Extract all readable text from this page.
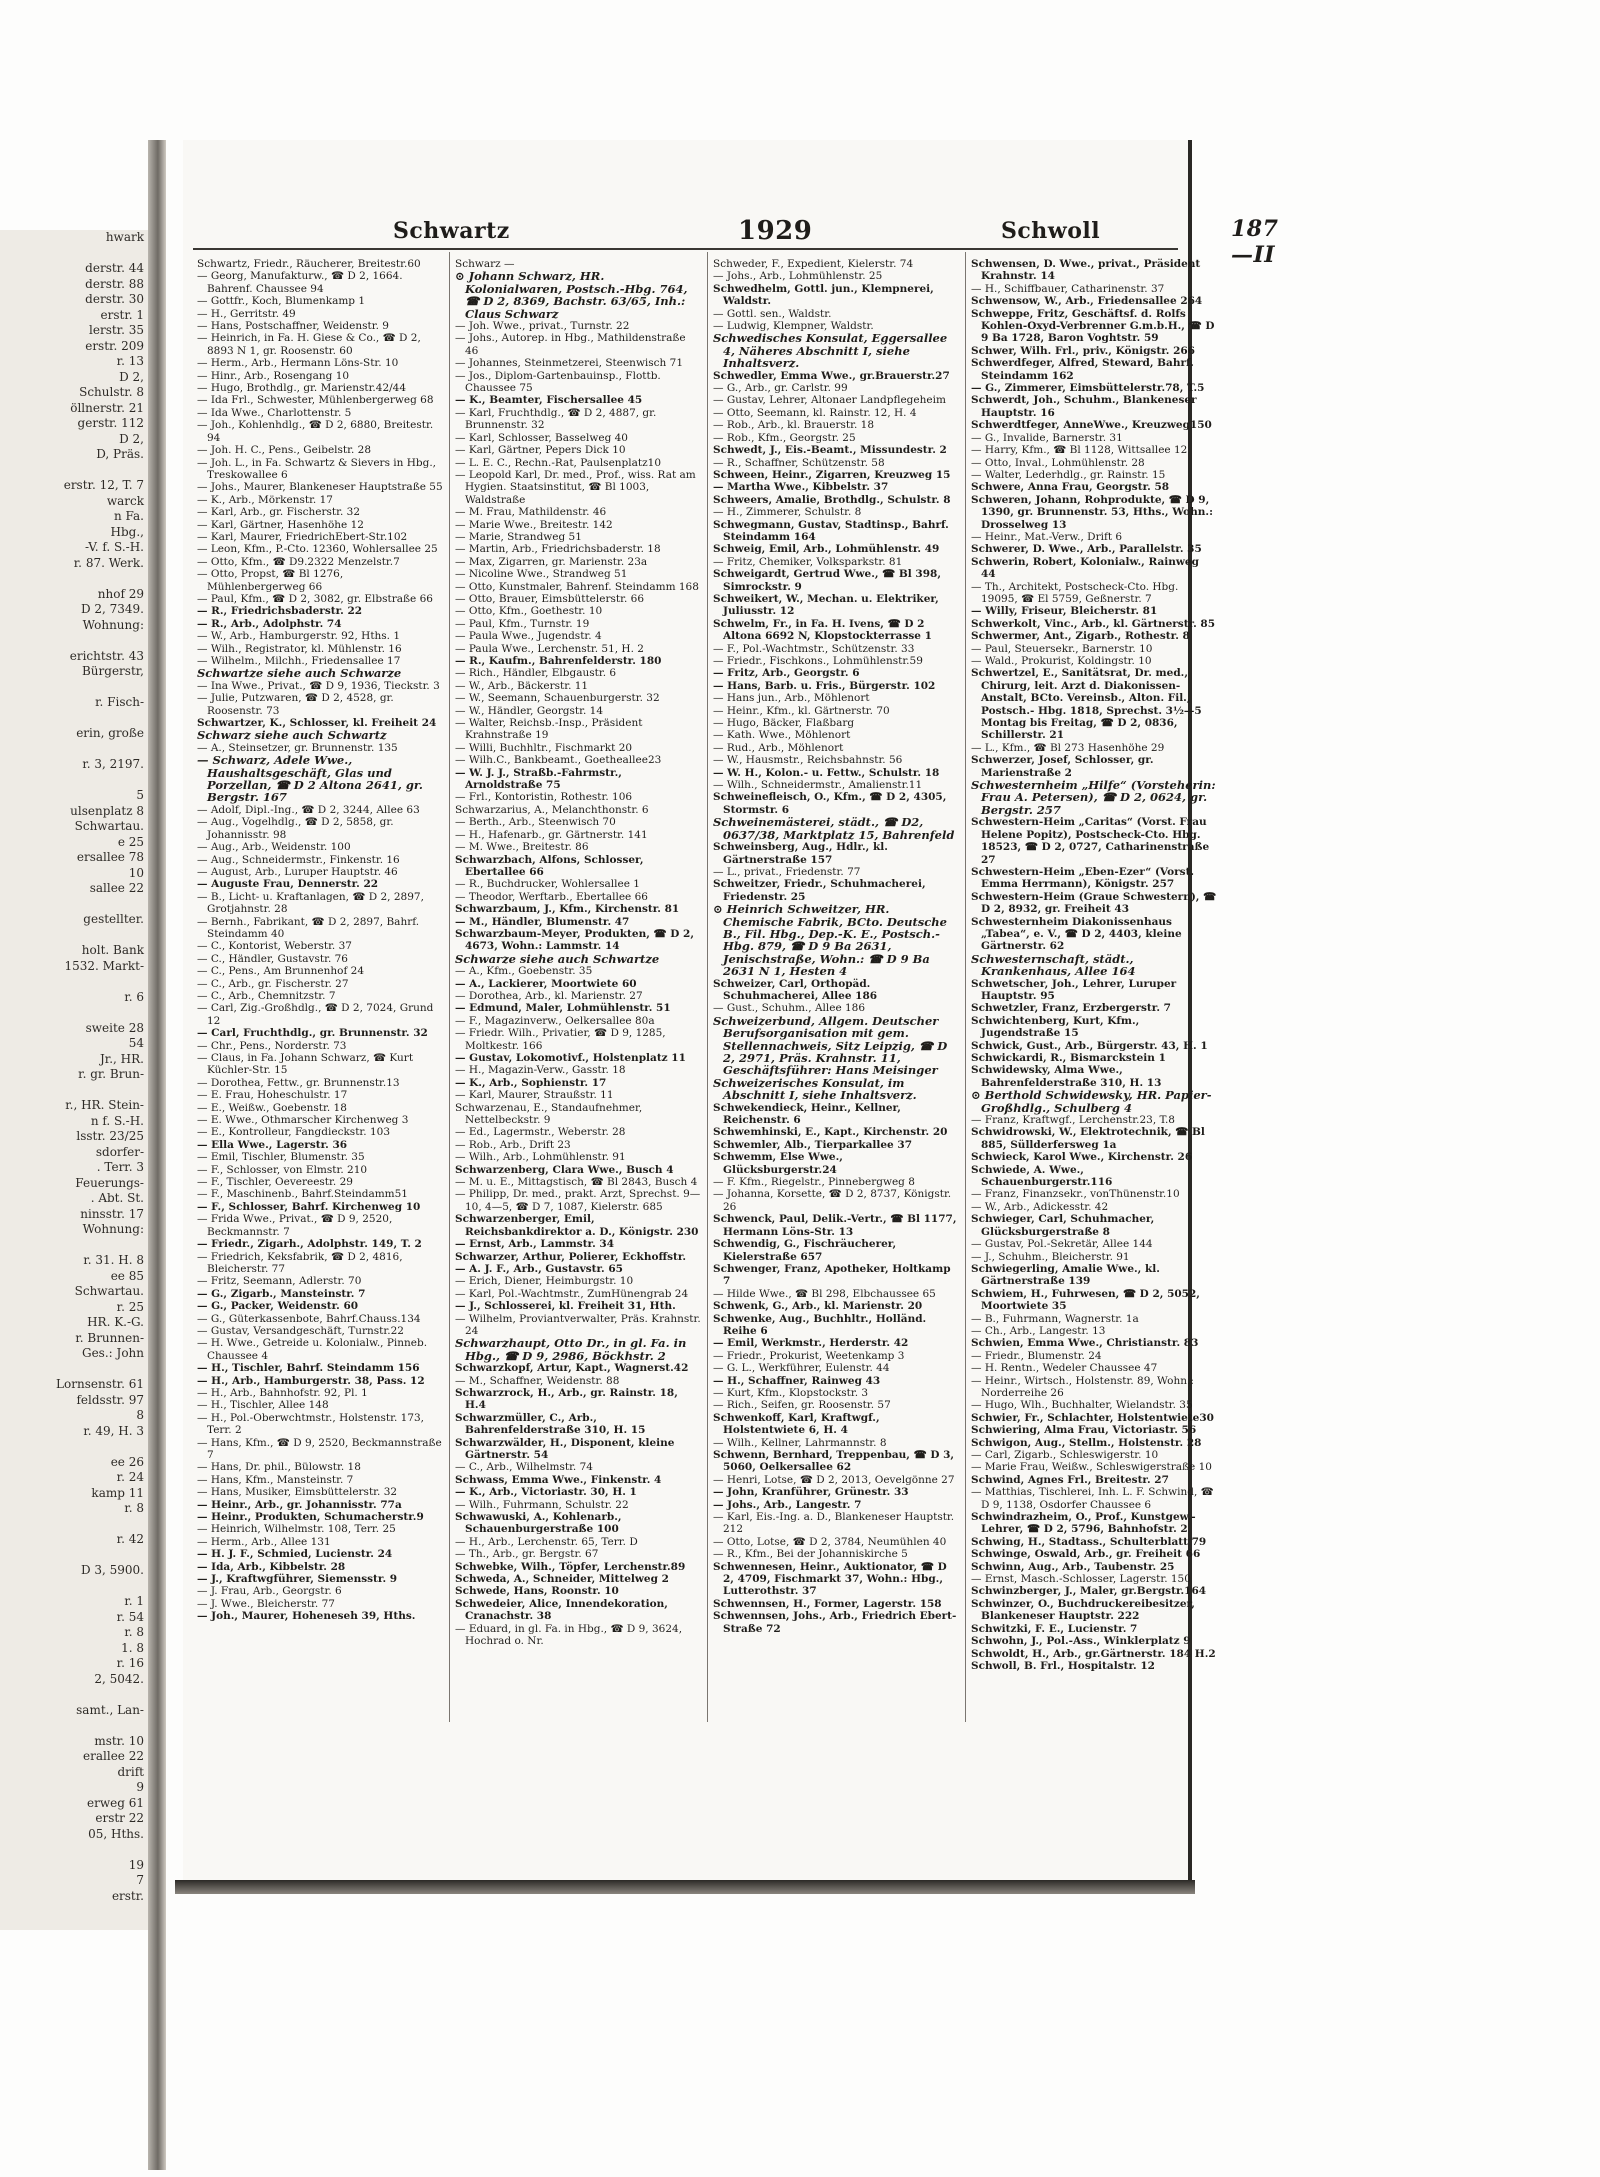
hwark

derstr. 44
derstr. 88
derstr. 30
erstr. 1
lerstr. 35
erstr. 209
r. 13
D 2,
Schulstr. 8
öllnerstr. 21
gerstr. 112
D 2,
D, Präs.

erstr. 12, T. 7
warck
n Fa.
Hbg.,
-V. f. S.-H.
r. 87. Werk.

nhof 29
D 2, 7349.
Wohnung:

erichtstr. 43
Bürgerstr,

r. Fisch-

erin, große

r. 3, 2197.

5
ulsenplatz 8
Schwartau.
e 25
ersallee 78
10
sallee 22

gestellter.

holt. Bank
1532. Markt-

r. 6

sweite 28
54
Jr., HR.
r. gr. Brun-

r., HR. Stein-
n f. S.-H.
lsstr. 23/25
sdorfer-
. Terr. 3
Feuerungs-
. Abt. St.
ninsstr. 17
Wohnung:

r. 31. H. 8
ee 85
Schwartau.
r. 25
HR. K.-G.
r. Brunnen-
Ges.: John

Lornsenstr. 61
feldsstr. 97
8
r. 49, H. 3

ee 26
r. 24
kamp 11
r. 8

r. 42

D 3, 5900.

r. 1
r. 54
r. 8
1. 8
r. 16
2, 5042.

samt., Lan-

mstr. 10
erallee 22
drift
9
erweg 61
erstr 22
05, Hths.

19
7
erstr.
Schwartz	1929	Schwoll	187—II
Schwartz, Friedr., Räucherer, Breitestr.60
— Georg, Manufakturw., ☎ D 2, 1664. Bahrenf. Chaussee 94
— Gottfr., Koch, Blumenkamp 1
— H., Gerritstr. 49
— Hans, Postschaffner, Weidenstr. 9
— Heinrich, in Fa. H. Giese & Co., ☎ D 2, 8893 N 1, gr. Roosenstr. 60
— Herm., Arb., Hermann Löns-Str. 10
— Hinr., Arb., Rosengang 10
— Hugo, Brothdlg., gr. Marienstr.42/44
— Ida Frl., Schwester, Mühlenbergerweg 68
— Ida Wwe., Charlottenstr. 5
— Joh., Kohlenhdlg., ☎ D 2, 6880, Breitestr. 94
— Joh. H. C., Pens., Geibelstr. 28
— Joh. L., in Fa. Schwartz & Sievers in Hbg., Treskowallee 6
— Johs., Maurer, Blankeneser Hauptstraße 55
— K., Arb., Mörkenstr. 17
— Karl, Arb., gr. Fischerstr. 32
— Karl, Gärtner, Hasenhöhe 12
— Karl, Maurer, FriedrichEbert-Str.102
— Leon, Kfm., P.-Cto. 12360, Wohlersallee 25
— Otto, Kfm., ☎ D9.2322 Menzelstr.7
— Otto, Propst, ☎ Bl 1276, Mühlenbergerweg 66
— Paul, Kfm., ☎ D 2, 3082, gr. Elbstraße 66
— R., Friedrichsbaderstr. 22
— R., Arb., Adolphstr. 74
— W., Arb., Hamburgerstr. 92, Hths. 1
— Wilh., Registrator, kl. Mühlenstr. 16
— Wilhelm., Milchh., Friedensallee 17
Schwartze siehe auch Schwarze
— Ina Wwe., Privat., ☎ D 9, 1936, Tieckstr. 3
— Julie, Putzwaren, ☎ D 2, 4528, gr. Roosenstr. 73
Schwartzer, K., Schlosser, kl. Freiheit 24
Schwarz siehe auch Schwartz
— A., Steinsetzer, gr. Brunnenstr. 135
— Schwarz, Adele Wwe., Haushaltsgeschäft, Glas und Porzellan, ☎ D 2 Altona 2641, gr. Bergstr. 167
— Adolf, Dipl.-Ing., ☎ D 2, 3244, Allee 63
— Aug., Vogelhdlg., ☎ D 2, 5858, gr. Johannisstr. 98
— Aug., Arb., Weidenstr. 100
— Aug., Schneidermstr., Finkenstr. 16
— August, Arb., Luruper Hauptstr. 46
— Auguste Frau, Dennerstr. 22
— B., Licht- u. Kraftanlagen, ☎ D 2, 2897, Grotjahnstr. 28
— Bernh., Fabrikant, ☎ D 2, 2897, Bahrf. Steindamm 40
— C., Kontorist, Weberstr. 37
— C., Händler, Gustavstr. 76
— C., Pens., Am Brunnenhof 24
— C., Arb., gr. Fischerstr. 27
— C., Arb., Chemnitzstr. 7
— Carl, Zig.-Großhdlg., ☎ D 2, 7024, Grund 12
— Carl, Fruchthdlg., gr. Brunnenstr. 32
— Chr., Pens., Norderstr. 73
— Claus, in Fa. Johann Schwarz, ☎ Kurt Küchler-Str. 15
— Dorothea, Fettw., gr. Brunnenstr.13
— E. Frau, Hoheschulstr. 17
— E., Weißw., Goebenstr. 18
— E. Wwe., Othmarscher Kirchenweg 3
— E., Kontrolleur, Fangdieckstr. 103
— Ella Wwe., Lagerstr. 36
— Emil, Tischler, Blumenstr. 35
— F., Schlosser, von Elmstr. 210
— F., Tischler, Oevereestr. 29
— F., Maschinenb., Bahrf.Steindamm51
— F., Schlosser, Bahrf. Kirchenweg 10
— Frida Wwe., Privat., ☎ D 9, 2520, Beckmannstr. 7
— Friedr., Zigarh., Adolphstr. 149, T. 2
— Friedrich, Keksfabrik, ☎ D 2, 4816, Bleicherstr. 77
— Fritz, Seemann, Adlerstr. 70
— G., Zigarb., Mansteinstr. 7
— G., Packer, Weidenstr. 60
— G., Güterkassenbote, Bahrf.Chauss.134
— Gustav, Versandgeschäft, Turnstr.22
— H. Wwe., Getreide u. Kolonialw., Pinneb. Chaussee 4
— H., Tischler, Bahrf. Steindamm 156
— H., Arb., Hamburgerstr. 38, Pass. 12
— H., Arb., Bahnhofstr. 92, Pl. 1
— H., Tischler, Allee 148
— H., Pol.-Oberwchtmstr., Holstenstr. 173, Terr. 2
— Hans, Kfm., ☎ D 9, 2520, Beckmannstraße 7
— Hans, Dr. phil., Bülowstr. 18
— Hans, Kfm., Mansteinstr. 7
— Hans, Musiker, Eimsbüttelerstr. 32
— Heinr., Arb., gr. Johannisstr. 77a
— Heinr., Produkten, Schumacherstr.9
— Heinrich, Wilhelmstr. 108, Terr. 25
— Herm., Arb., Allee 131
— H. J. F., Schmied, Lucienstr. 24
— Ida, Arb., Kibbelstr. 28
— J., Kraftwgführer, Siemensstr. 9
— J. Frau, Arb., Georgstr. 6
— J. Wwe., Bleicherstr. 77
— Joh., Maurer, Hoheneseh 39, Hths.
Schwarz —
⊙ Johann Schwarz, HR. Kolonialwaren, Postsch.-Hbg. 764, ☎ D 2, 8369, Bachstr. 63/65, Inh.: Claus Schwarz
— Joh. Wwe., privat., Turnstr. 22
— Johs., Autorep. in Hbg., Mathildenstraße 46
— Johannes, Steinmetzerei, Steenwisch 71
— Jos., Diplom-Gartenbauinsp., Flottb. Chaussee 75
— K., Beamter, Fischersallee 45
— Karl, Fruchthdlg., ☎ D 2, 4887, gr. Brunnenstr. 32
— Karl, Schlosser, Basselweg 40
— Karl, Gärtner, Pepers Dick 10
— L. E. C., Rechn.-Rat, Paulsenplatz10
— Leopold Karl, Dr. med., Prof., wiss. Rat am Hygien. Staatsinstitut, ☎ Bl 1003, Waldstraße
— M. Frau, Mathildenstr. 46
— Marie Wwe., Breitestr. 142
— Marie, Strandweg 51
— Martin, Arb., Friedrichsbaderstr. 18
— Max, Zigarren, gr. Marienstr. 23a
— Nicoline Wwe., Strandweg 51
— Otto, Kunstmaler, Bahrenf. Steindamm 168
— Otto, Brauer, Eimsbüttelerstr. 66
— Otto, Kfm., Goethestr. 10
— Paul, Kfm., Turnstr. 19
— Paula Wwe., Jugendstr. 4
— Paula Wwe., Lerchenstr. 51, H. 2
— R., Kaufm., Bahrenfelderstr. 180
— Rich., Händler, Elbgaustr. 6
— W., Arb., Bäckerstr. 11
— W., Seemann, Schauenburgerstr. 32
— W., Händler, Georgstr. 14
— Walter, Reichsb.-Insp., Präsident Krahnstraße 19
— Willi, Buchhltr., Fischmarkt 20
— Wilh.C., Bankbeamt., Goetheallee23
— W. J. J., Straßb.-Fahrmstr., Arnoldstraße 75
— Frl., Kontoristin, Rothestr. 106
Schwarzarius, A., Melanchthonstr. 6
— Berth., Arb., Steenwisch 70
— H., Hafenarb., gr. Gärtnerstr. 141
— M. Wwe., Breitestr. 86
Schwarzbach, Alfons, Schlosser, Ebertallee 66
— R., Buchdrucker, Wohlersallee 1
— Theodor, Werftarb., Ebertallee 66
Schwarzbaum, J., Kfm., Kirchenstr. 81
— M., Händler, Blumenstr. 47
Schwarzbaum-Meyer, Produkten, ☎ D 2, 4673, Wohn.: Lammstr. 14
Schwarze siehe auch Schwartze
— A., Kfm., Goebenstr. 35
— A., Lackierer, Moortwiete 60
— Dorothea, Arb., kl. Marienstr. 27
— Edmund, Maler, Lohmühlenstr. 51
— F., Magazinverw., Oelkersallee 80a
— Friedr. Wilh., Privatier, ☎ D 9, 1285, Moltkestr. 166
— Gustav, Lokomotivf., Holstenplatz 11
— H., Magazin-Verw., Gasstr. 18
— K., Arb., Sophienstr. 17
— Karl, Maurer, Straußstr. 11
Schwarzenau, E., Standaufnehmer, Nettelbeckstr. 9
— Ed., Lagermstr., Weberstr. 28
— Rob., Arb., Drift 23
— Wilh., Arb., Lohmühlenstr. 91
Schwarzenberg, Clara Wwe., Busch 4
— M. u. E., Mittagstisch, ☎ Bl 2843, Busch 4
— Philipp, Dr. med., prakt. Arzt, Sprechst. 9—10, 4—5, ☎ D 7, 1087, Kielerstr. 685
Schwarzenberger, Emil, Reichsbankdirektor a. D., Königstr. 230
— Ernst, Arb., Lammstr. 34
Schwarzer, Arthur, Polierer, Eckhoffstr.
— A. J. F., Arb., Gustavstr. 65
— Erich, Diener, Heimburgstr. 10
— Karl, Pol.-Wachtmstr., ZumHünengrab 24
— J., Schlosserei, kl. Freiheit 31, Hth.
— Wilhelm, Proviantverwalter, Präs. Krahnstr. 24
Schwarzhaupt, Otto Dr., in gl. Fa. in Hbg., ☎ D 9, 2986, Böckhstr. 2
Schwarzkopf, Artur, Kapt., Wagnerst.42
— M., Schaffner, Weidenstr. 88
Schwarzrock, H., Arb., gr. Rainstr. 18, H.4
Schwarzmüller, C., Arb., Bahrenfelderstraße 310, H. 15
Schwarzwälder, H., Disponent, kleine Gärtnerstr. 54
— C., Arb., Wilhelmstr. 74
Schwass, Emma Wwe., Finkenstr. 4
— K., Arb., Victoriastr. 30, H. 1
— Wilh., Fuhrmann, Schulstr. 22
Schwawuski, A., Kohlenarb., Schauenburgerstraße 100
— H., Arb., Lerchenstr. 65, Terr. D
— Th., Arb., gr. Bergstr. 67
Schwebke, Wilh., Töpfer, Lerchenstr.89
Schweda, A., Schneider, Mittelweg 2
Schwede, Hans, Roonstr. 10
Schwedeier, Alice, Innendekoration, Cranachstr. 38
— Eduard, in gl. Fa. in Hbg., ☎ D 9, 3624, Hochrad o. Nr.
Schweder, F., Expedient, Kielerstr. 74
— Johs., Arb., Lohmühlenstr. 25
Schwedhelm, Gottl. jun., Klempnerei, Waldstr.
— Gottl. sen., Waldstr.
— Ludwig, Klempner, Waldstr.
Schwedisches Konsulat, Eggersallee 4, Näheres Abschnitt I, siehe Inhaltsverz.
Schwedler, Emma Wwe., gr.Brauerstr.27
— G., Arb., gr. Carlstr. 99
— Gustav, Lehrer, Altonaer Landpflegeheim
— Otto, Seemann, kl. Rainstr. 12, H. 4
— Rob., Arb., kl. Brauerstr. 18
— Rob., Kfm., Georgstr. 25
Schwedt, J., Eis.-Beamt., Missundestr. 2
— R., Schaffner, Schützenstr. 58
Schween, Heinr., Zigarren, Kreuzweg 15
— Martha Wwe., Kibbelstr. 37
Schweers, Amalie, Brothdlg., Schulstr. 8
— H., Zimmerer, Schulstr. 8
Schwegmann, Gustav, Stadtinsp., Bahrf. Steindamm 164
Schweig, Emil, Arb., Lohmühlenstr. 49
— Fritz, Chemiker, Volksparkstr. 81
Schweigardt, Gertrud Wwe., ☎ Bl 398, Simrockstr. 9
Schweikert, W., Mechan. u. Elektriker, Juliusstr. 12
Schwelm, Fr., in Fa. H. Ivens, ☎ D 2 Altona 6692 N, Klopstockterrasse 1
— F., Pol.-Wachtmstr., Schützenstr. 33
— Friedr., Fischkons., Lohmühlenstr.59
— Fritz, Arb., Georgstr. 6
— Hans, Barb. u. Fris., Bürgerstr. 102
— Hans jun., Arb., Möhlenort
— Heinr., Kfm., kl. Gärtnerstr. 70
— Hugo, Bäcker, Flaßbarg
— Kath. Wwe., Möhlenort
— Rud., Arb., Möhlenort
— W., Hausmstr., Reichsbahnstr. 56
— W. H., Kolon.- u. Fettw., Schulstr. 18
— Wilh., Schneidermstr., Amalienstr.11
Schweinefleisch, O., Kfm., ☎ D 2, 4305, Stormstr. 6
Schweinemästerei, städt., ☎ D2, 0637/38, Marktplatz 15, Bahrenfeld
Schweinsberg, Aug., Hdlr., kl. Gärtnerstraße 157
— L., privat., Friedenstr. 77
Schweitzer, Friedr., Schuhmacherei, Friedenstr. 25
⊙ Heinrich Schweitzer, HR. Chemische Fabrik, BCto. Deutsche B., Fil. Hbg., Dep.-K. E., Postsch.-Hbg. 879, ☎ D 9 Ba 2631, Jenischstraße, Wohn.: ☎ D 9 Ba 2631 N 1, Hesten 4
Schweizer, Carl, Orthopäd. Schuhmacherei, Allee 186
— Gust., Schuhm., Allee 186
Schweizerbund, Allgem. Deutscher Berufsorganisation mit gem. Stellennachweis, Sitz Leipzig, ☎ D 2, 2971, Präs. Krahnstr. 11, Geschäftsführer: Hans Meisinger
Schweizerisches Konsulat, im Abschnitt I, siehe Inhaltsverz.
Schwekendieck, Heinr., Kellner, Reichenstr. 6
Schwemhinski, E., Kapt., Kirchenstr. 20
Schwemler, Alb., Tierparkallee 37
Schwemm, Else Wwe., Glücksburgerstr.24
— F. Kfm., Riegelstr., Pinnebergweg 8
— Johanna, Korsette, ☎ D 2, 8737, Königstr. 26
Schwenck, Paul, Delik.-Vertr., ☎ Bl 1177, Hermann Löns-Str. 13
Schwendig, G., Fischräucherer, Kielerstraße 657
Schwenger, Franz, Apotheker, Holtkamp 7
— Hilde Wwe., ☎ Bl 298, Elbchaussee 65
Schwenk, G., Arb., kl. Marienstr. 20
Schwenke, Aug., Buchhltr., Holländ. Reihe 6
— Emil, Werkmstr., Herderstr. 42
— Friedr., Prokurist, Weetenkamp 3
— G. L., Werkführer, Eulenstr. 44
— H., Schaffner, Rainweg 43
— Kurt, Kfm., Klopstockstr. 3
— Rich., Seifen, gr. Roosenstr. 57
Schwenkoff, Karl, Kraftwgf., Holstentwiete 6, H. 4
— Wilh., Kellner, Lahrmannstr. 8
Schwenn, Bernhard, Treppenbau, ☎ D 3, 5060, Oelkersallee 62
— Henri, Lotse, ☎ D 2, 2013, Oevelgönne 27
— John, Kranführer, Grünestr. 33
— Johs., Arb., Langestr. 7
— Karl, Eis.-Ing. a. D., Blankeneser Hauptstr. 212
— Otto, Lotse, ☎ D 2, 3784, Neumühlen 40
— R., Kfm., Bei der Johanniskirche 5
Schwennesen, Heinr., Auktionator, ☎ D 2, 4709, Fischmarkt 37, Wohn.: Hbg., Lutterothstr. 37
Schwennsen, H., Former, Lagerstr. 158
Schwennsen, Johs., Arb., Friedrich Ebert-Straße 72
Schwensen, D. Wwe., privat., Präsident Krahnstr. 14
— H., Schiffbauer, Catharinenstr. 37
Schwensow, W., Arb., Friedensallee 264
Schweppe, Fritz, Geschäftsf. d. Rolfs Kohlen-Oxyd-Verbrenner G.m.b.H., ☎ D 9 Ba 1728, Baron Voghtstr. 59
Schwer, Wilh. Frl., priv., Königstr. 266
Schwerdfeger, Alfred, Steward, Bahrf. Steindamm 162
— G., Zimmerer, Eimsbüttelerstr.78, T.5
Schwerdt, Joh., Schuhm., Blankeneser Hauptstr. 16
Schwerdtfeger, AnneWwe., Kreuzweg150
— G., Invalide, Barnerstr. 31
— Harry, Kfm., ☎ Bl 1128, Wittsallee 12
— Otto, Inval., Lohmühlenstr. 28
— Walter, Lederhdlg., gr. Rainstr. 15
Schwere, Anna Frau, Georgstr. 58
Schweren, Johann, Rohprodukte, ☎ D 9, 1390, gr. Brunnenstr. 53, Hths., Wohn.: Drosselweg 13
— Heinr., Mat.-Verw., Drift 6
Schwerer, D. Wwe., Arb., Parallelstr. 35
Schwerin, Robert, Kolonialw., Rainweg 44
— Th., Architekt, Postscheck-Cto. Hbg. 19095, ☎ El 5759, Geßnerstr. 7
— Willy, Friseur, Bleicherstr. 81
Schwerkolt, Vinc., Arb., kl. Gärtnerstr. 85
Schwermer, Ant., Zigarb., Rothestr. 8
— Paul, Steuersekr., Barnerstr. 10
— Wald., Prokurist, Koldingstr. 10
Schwertzel, E., Sanitätsrat, Dr. med., Chirurg, leit. Arzt d. Diakonissen-Anstalt, BCto. Vereinsb., Alton. Fil., Postsch.- Hbg. 1818, Sprechst. 3½—5 Montag bis Freitag, ☎ D 2, 0836, Schillerstr. 21
— L., Kfm., ☎ Bl 273 Hasenhöhe 29
Schwerzer, Josef, Schlosser, gr. Marienstraße 2
Schwesternheim „Hilfe“ (Vorsteherin: Frau A. Petersen), ☎ D 2, 0624, gr. Bergstr. 257
Schwestern-Heim „Caritas“ (Vorst. Frau Helene Popitz), Postscheck-Cto. Hbg. 18523, ☎ D 2, 0727, Catharinenstraße 27
Schwestern-Heim „Eben-Ezer“ (Vorst. Emma Herrmann), Königstr. 257
Schwestern-Heim (Graue Schwestern), ☎ D 2, 8932, gr. Freiheit 43
Schwesternheim Diakonissenhaus „Tabea“, e. V., ☎ D 2, 4403, kleine Gärtnerstr. 62
Schwesternschaft, städt., Krankenhaus, Allee 164
Schwetscher, Joh., Lehrer, Luruper Hauptstr. 95
Schwetzler, Franz, Erzbergerstr. 7
Schwichtenberg, Kurt, Kfm., Jugendstraße 15
Schwick, Gust., Arb., Bürgerstr. 43, H. 1
Schwickardi, R., Bismarckstein 1
Schwidewsky, Alma Wwe., Bahrenfelderstraße 310, H. 13
⊙ Berthold Schwidewsky, HR. Papier-Großhdlg., Schulberg 4
— Franz, Kraftwgf., Lerchenstr.23, T.8
Schwidrowski, W., Elektrotechnik, ☎ Bl 885, Süllderfersweg 1a
Schwieck, Karol Wwe., Kirchenstr. 26
Schwiede, A. Wwe., Schauenburgerstr.116
— Franz, Finanzsekr., vonThünenstr.10
— W., Arb., Adickesstr. 42
Schwieger, Carl, Schuhmacher, Glücksburgerstraße 8
— Gustav, Pol.-Sekretär, Allee 144
— J., Schuhm., Bleicherstr. 91
Schwiegerling, Amalie Wwe., kl. Gärtnerstraße 139
Schwiem, H., Fuhrwesen, ☎ D 2, 5052, Moortwiete 35
— B., Fuhrmann, Wagnerstr. 1a
— Ch., Arb., Langestr. 13
Schwien, Emma Wwe., Christianstr. 83
— Friedr., Blumenstr. 24
— H. Rentn., Wedeler Chaussee 47
— Heinr., Wirtsch., Holstenstr. 89, Wohn.: Norderreihe 26
— Hugo, Wlh., Buchhalter, Wielandstr. 35
Schwier, Fr., Schlachter, Holstentwiete30
Schwiering, Alma Frau, Victoriastr. 56
Schwigon, Aug., Stellm., Holstenstr. 28
— Carl, Zigarb., Schleswigerstr. 10
— Marie Frau, Weißw., Schleswigerstraße 10
Schwind, Agnes Frl., Breitestr. 27
— Matthias, Tischlerei, Inh. L. F. Schwind, ☎ D 9, 1138, Osdorfer Chaussee 6
Schwindrazheim, O., Prof., Kunstgew.-Lehrer, ☎ D 2, 5796, Bahnhofstr. 2
Schwing, H., Stadtass., Schulterblatt 79
Schwinge, Oswald, Arb., gr. Freiheit 66
Schwinn, Aug., Arb., Taubenstr. 25
— Ernst, Masch.-Schlosser, Lagerstr. 150
Schwinzberger, J., Maler, gr.Bergstr.164
Schwinzer, O., Buchdruckereibesitzer, Blankeneser Hauptstr. 222
Schwitzki, F. E., Lucienstr. 7
Schwohn, J., Pol.-Ass., Winklerplatz 9
Schwoldt, H., Arb., gr.Gärtnerstr. 184 H.2
Schwoll, B. Frl., Hospitalstr. 12
